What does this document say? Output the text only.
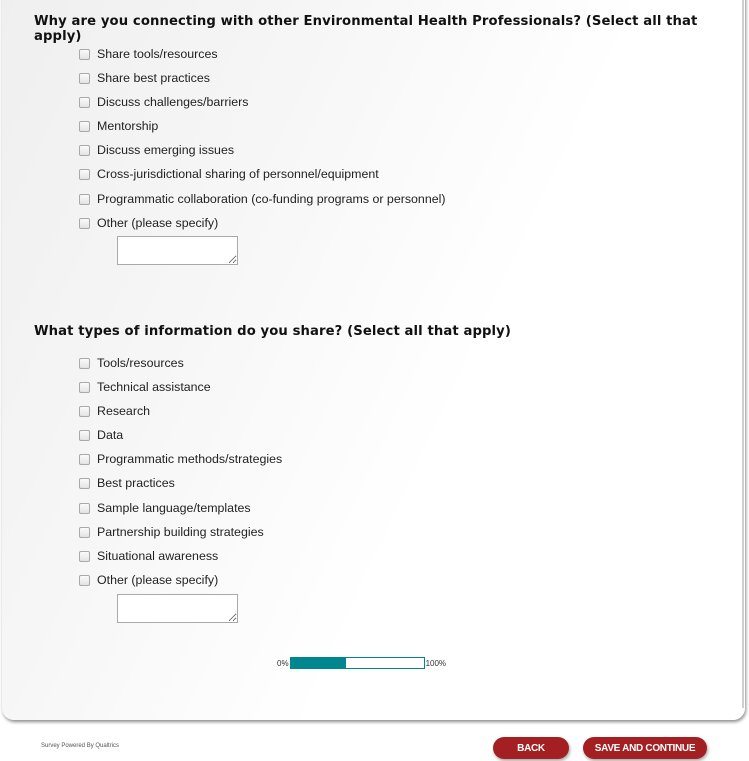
Why are you connecting with other Environmental Health Professionals? (Select all that apply)
Share tools/resources
Share best practices
Discuss challenges/barriers
Mentorship
Discuss emerging issues
Cross-jurisdictional sharing of personnel/equipment
Programmatic collaboration (co-funding programs or personnel)
Other (please specify)
What types of information do you share? (Select all that apply)
Tools/resources
Technical assistance
Research
Data
Programmatic methods/strategies
Best practices
Sample language/templates
Partnership building strategies
Situational awareness
Other (please specify)
0%	100%
Survey Powered By Qualtrics	BACK	SAVE AND CONTINUE
